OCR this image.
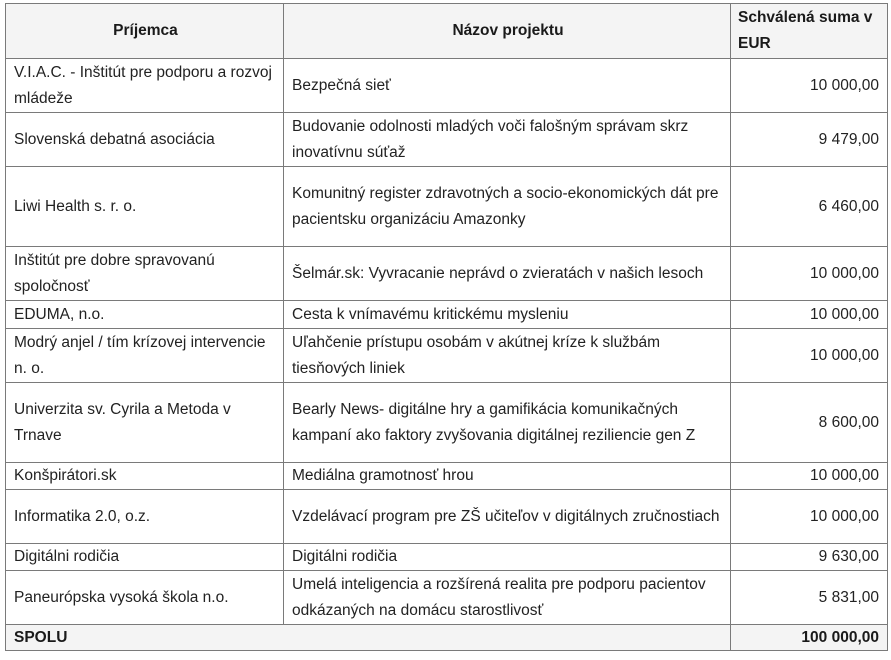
Príjemca	Názov projektu	Schválená suma v EUR
V.I.A.C. - Inštitút pre podporu a rozvoj mládeže	Bezpečná sieť	10 000,00
Slovenská debatná asociácia	Budovanie odolnosti mladých voči falošným správam skrz inovatívnu súťaž	9 479,00
Liwi Health s. r. o.	Komunitný register zdravotných a socio-ekonomických dát pre pacientsku organizáciu Amazonky	6 460,00
Inštitút pre dobre spravovanú spoločnosť	Šelmár.sk: Vyvracanie neprávd o zvieratách v našich lesoch	10 000,00
EDUMA, n.o.	Cesta k vnímavému kritickému mysleniu	10 000,00
Modrý anjel / tím krízovej intervencie n. o.	Uľahčenie prístupu osobám v akútnej kríze k službám tiesňových liniek	10 000,00
Univerzita sv. Cyrila a Metoda v Trnave	Bearly News- digitálne hry a gamifikácia komunikačných kampaní ako faktory zvyšovania digitálnej reziliencie gen Z	8 600,00
Konšpirátori.sk	Mediálna gramotnosť hrou	10 000,00
Informatika 2.0, o.z.	Vzdelávací program pre ZŠ učiteľov v digitálnych zručnostiach	10 000,00
Digitálni rodičia	Digitálni rodičia	9 630,00
Paneurópska vysoká škola n.o.	Umelá inteligencia a rozšírená realita pre podporu pacientov odkázaných na domácu starostlivosť	5 831,00
SPOLU		100 000,00
